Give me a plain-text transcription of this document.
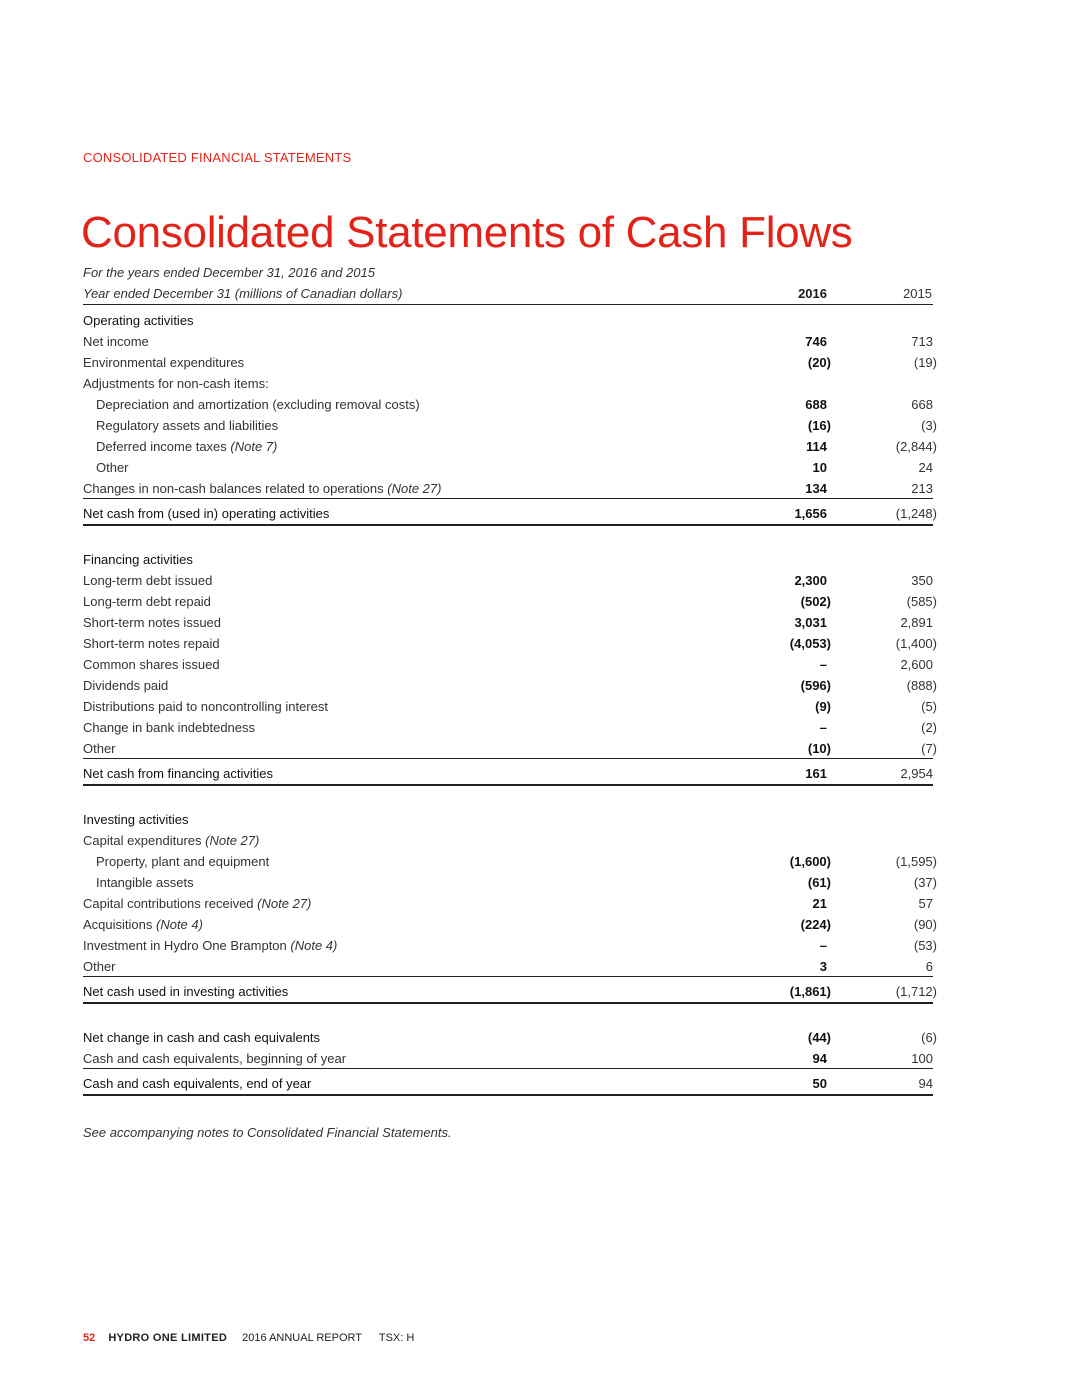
CONSOLIDATED FINANCIAL STATEMENTS
Consolidated Statements of Cash Flows
For the years ended December 31, 2016 and 2015
Year ended December 31 (millions of Canadian dollars)	2016	2015
Operating activities
Net income	746	713
Environmental expenditures	(20)	(19)
Adjustments for non-cash items:
Depreciation and amortization (excluding removal costs)	688	668
Regulatory assets and liabilities	(16)	(3)
Deferred income taxes (Note 7)	114	(2,844)
Other	10	24
Changes in non-cash balances related to operations (Note 27)	134	213
Net cash from (used in) operating activities	1,656	(1,248)
Financing activities
Long-term debt issued	2,300	350
Long-term debt repaid	(502)	(585)
Short-term notes issued	3,031	2,891
Short-term notes repaid	(4,053)	(1,400)
Common shares issued	–	2,600
Dividends paid	(596)	(888)
Distributions paid to noncontrolling interest	(9)	(5)
Change in bank indebtedness	–	(2)
Other	(10)	(7)
Net cash from financing activities	161	2,954
Investing activities
Capital expenditures (Note 27)
Property, plant and equipment	(1,600)	(1,595)
Intangible assets	(61)	(37)
Capital contributions received (Note 27)	21	57
Acquisitions (Note 4)	(224)	(90)
Investment in Hydro One Brampton (Note 4)	–	(53)
Other	3	6
Net cash used in investing activities	(1,861)	(1,712)
Net change in cash and cash equivalents	(44)	(6)
Cash and cash equivalents, beginning of year	94	100
Cash and cash equivalents, end of year	50	94
See accompanying notes to Consolidated Financial Statements.
52 HYDRO ONE LIMITED 2016 ANNUAL REPORT TSX: H
